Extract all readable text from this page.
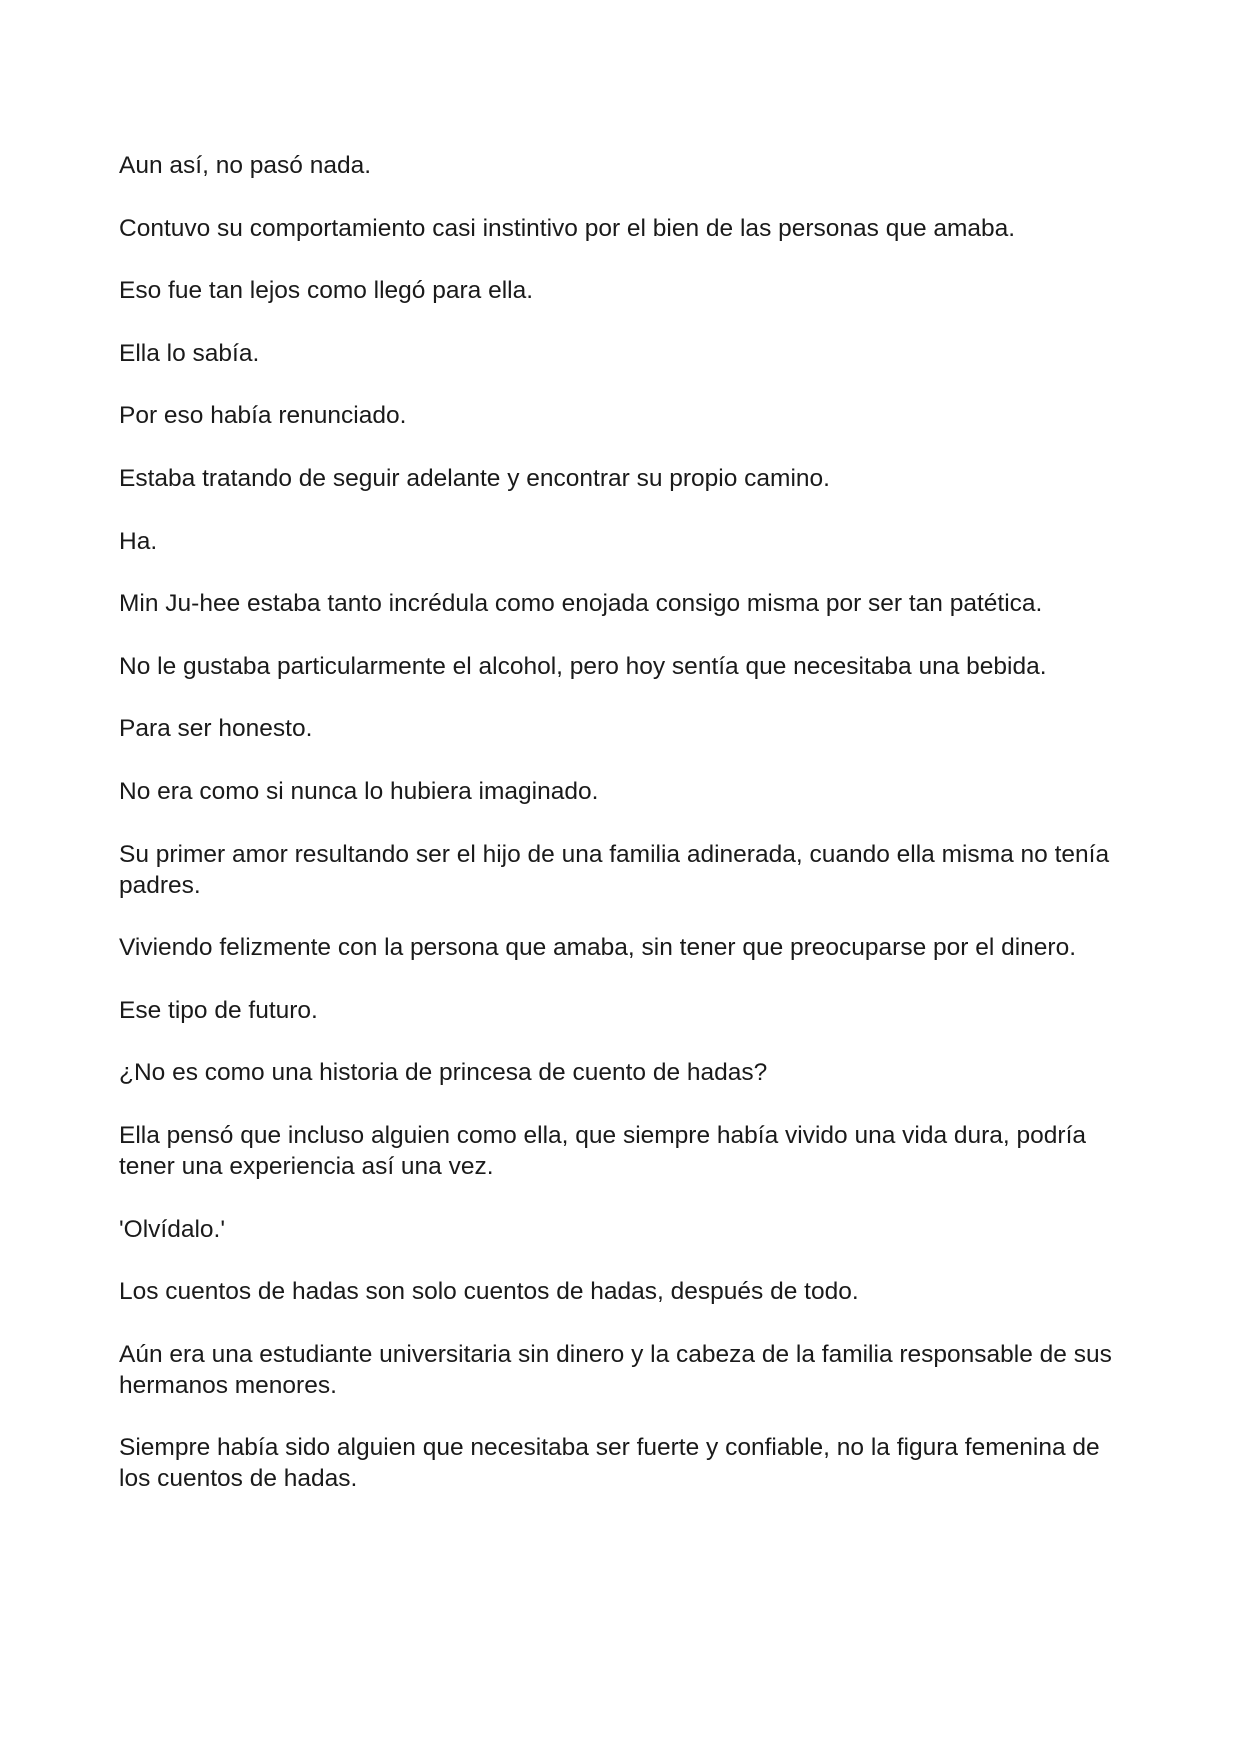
Aun así, no pasó nada.

Contuvo su comportamiento casi instintivo por el bien de las personas que amaba.

Eso fue tan lejos como llegó para ella.

Ella lo sabía.

Por eso había renunciado.

Estaba tratando de seguir adelante y encontrar su propio camino.

Ha.

Min Ju-hee estaba tanto incrédula como enojada consigo misma por ser tan patética.

No le gustaba particularmente el alcohol, pero hoy sentía que necesitaba una bebida.

Para ser honesto.

No era como si nunca lo hubiera imaginado.

Su primer amor resultando ser el hijo de una familia adinerada, cuando ella misma no tenía padres.

Viviendo felizmente con la persona que amaba, sin tener que preocuparse por el dinero.

Ese tipo de futuro.

¿No es como una historia de princesa de cuento de hadas?

Ella pensó que incluso alguien como ella, que siempre había vivido una vida dura, podría tener una experiencia así una vez.

'Olvídalo.'

Los cuentos de hadas son solo cuentos de hadas, después de todo.

Aún era una estudiante universitaria sin dinero y la cabeza de la familia responsable de sus hermanos menores.

Siempre había sido alguien que necesitaba ser fuerte y confiable, no la figura femenina de los cuentos de hadas.
